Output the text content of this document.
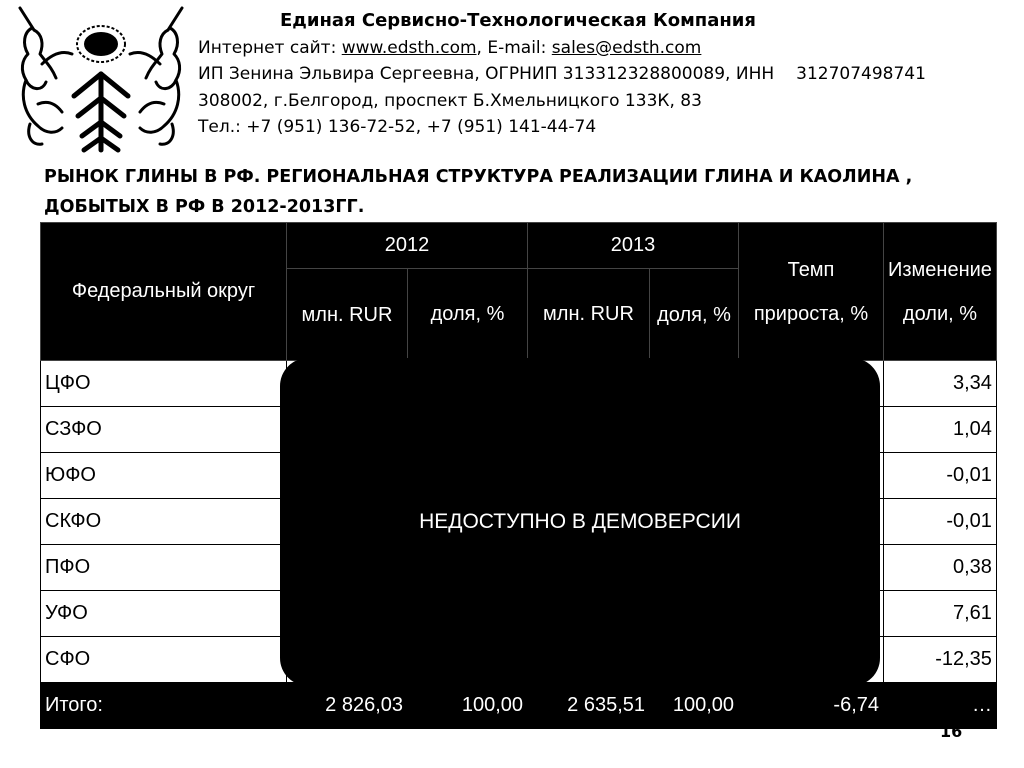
Единая Сервисно-Технологическая Компания
Интернет сайт: www.edsth.com, E-mail: sales@edsth.com
ИП Зенина Эльвира Сергеевна, ОГРНИП 313312328800089, ИНН 312707498741
308002, г.Белгород, проспект Б.Хмельницкого 133К, 83
Тел.: +7 (951) 136-72-52, +7 (951) 141-44-74
РЫНОК ГЛИНЫ В РФ. РЕГИОНАЛЬНАЯ СТРУКТУРА РЕАЛИЗАЦИИ ГЛИНА И КАОЛИНА ,
ДОБЫТЫХ В РФ В 2012-2013ГГ.
Федеральный округ	2012		2013		Темп прироста, %	Изменение доли, %
	млн. RUR	доля, %	млн. RUR	доля, %		
ЦФО						3,34
СЗФО						1,04
ЮФО						-0,01
СКФО						-0,01
ПФО						0,38
УФО						7,61
СФО						-12,35
Итого:	2 826,03	100,00	2 635,51	100,00	-6,74	…
НЕДОСТУПНО В ДЕМОВЕРСИИ
16
